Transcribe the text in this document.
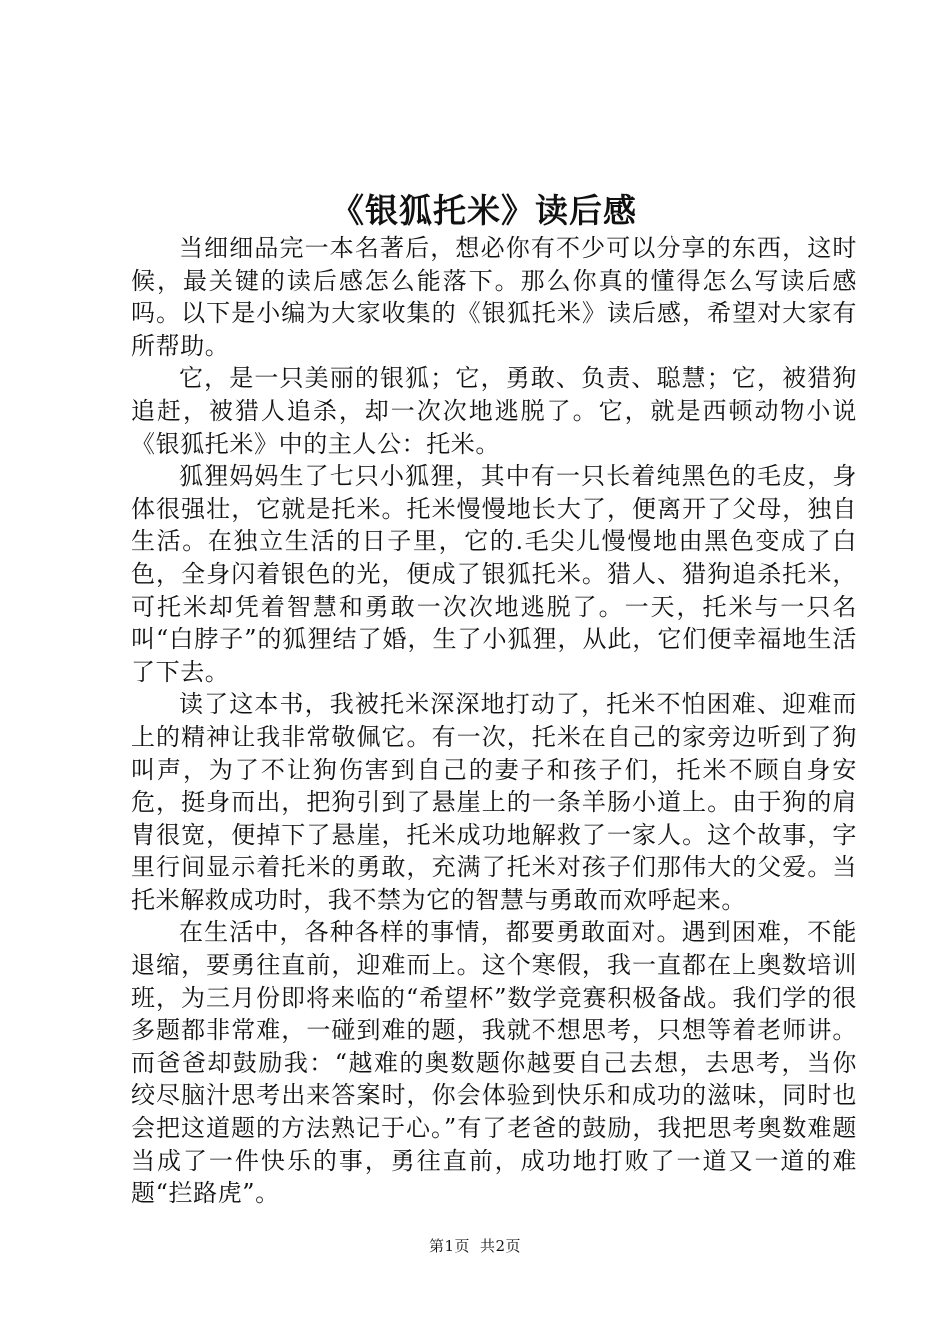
《银狐托米》读后感

当细细品完一本名著后，想必你有不少可以分享的东西，这时候，最关键的读后感怎么能落下。那么你真的懂得怎么写读后感吗。以下是小编为大家收集的《银狐托米》读后感，希望对大家有所帮助。

它，是一只美丽的银狐；它，勇敢、负责、聪慧；它，被猎狗追赶，被猎人追杀，却一次次地逃脱了。它，就是西顿动物小说《银狐托米》中的主人公：托米。

狐狸妈妈生了七只小狐狸，其中有一只长着纯黑色的毛皮，身体很强壮，它就是托米。托米慢慢地长大了，便离开了父母，独自生活。在独立生活的日子里，它的.毛尖儿慢慢地由黑色变成了白色，全身闪着银色的光，便成了银狐托米。猎人、猎狗追杀托米，可托米却凭着智慧和勇敢一次次地逃脱了。一天，托米与一只名叫“白脖子”的狐狸结了婚，生了小狐狸，从此，它们便幸福地生活了下去。

读了这本书，我被托米深深地打动了，托米不怕困难、迎难而上的精神让我非常敬佩它。有一次，托米在自己的家旁边听到了狗叫声，为了不让狗伤害到自己的妻子和孩子们，托米不顾自身安危，挺身而出，把狗引到了悬崖上的一条羊肠小道上。由于狗的肩胄很宽，便掉下了悬崖，托米成功地解救了一家人。这个故事，字里行间显示着托米的勇敢，充满了托米对孩子们那伟大的父爱。当托米解救成功时，我不禁为它的智慧与勇敢而欢呼起来。

在生活中，各种各样的事情，都要勇敢面对。遇到困难，不能退缩，要勇往直前，迎难而上。这个寒假，我一直都在上奥数培训班，为三月份即将来临的“希望杯”数学竞赛积极备战。我们学的很多题都非常难，一碰到难的题，我就不想思考，只想等着老师讲。而爸爸却鼓励我：“越难的奥数题你越要自己去想，去思考，当你绞尽脑汁思考出来答案时，你会体验到快乐和成功的滋味，同时也会把这道题的方法熟记于心。”有了老爸的鼓励，我把思考奥数难题当成了一件快乐的事，勇往直前，成功地打败了一道又一道的难题“拦路虎”。

第1页 共2页
